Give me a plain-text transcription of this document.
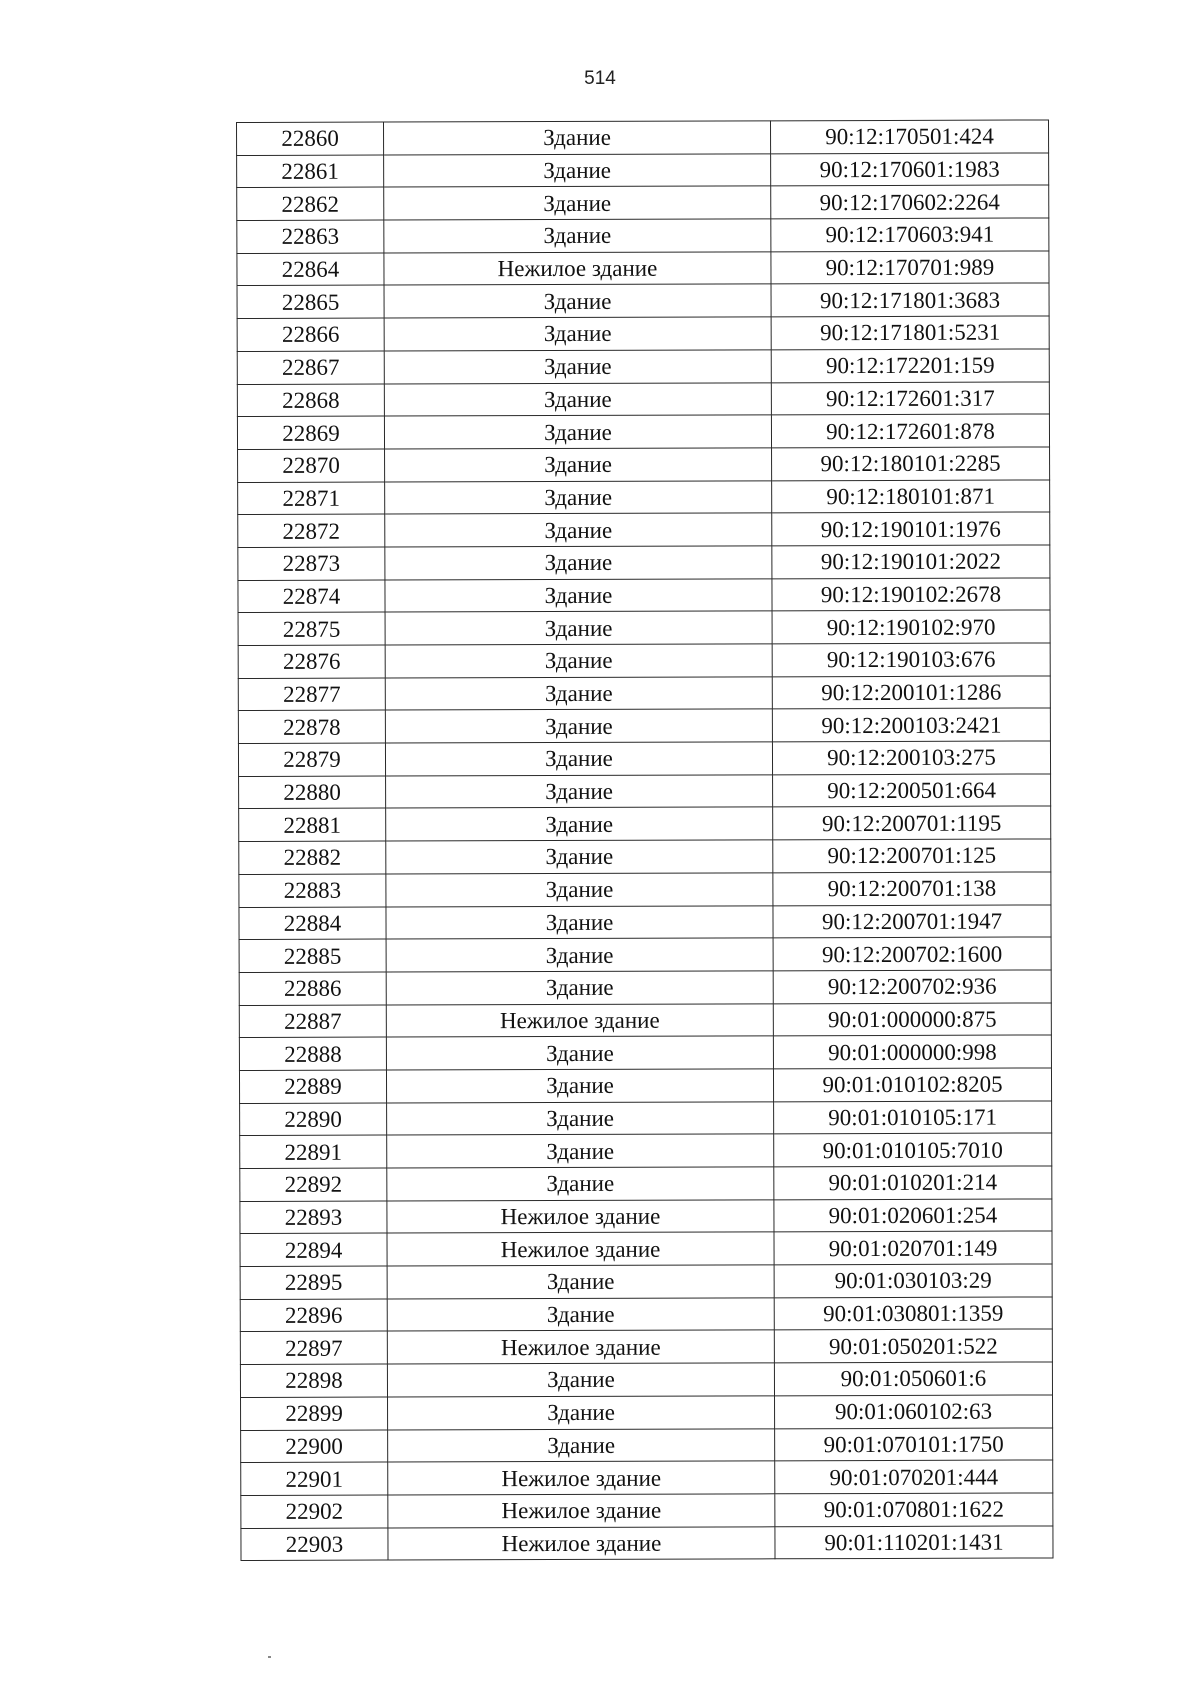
514
22860	Здание	90:12:170501:424
22861	Здание	90:12:170601:1983
22862	Здание	90:12:170602:2264
22863	Здание	90:12:170603:941
22864	Нежилое здание	90:12:170701:989
22865	Здание	90:12:171801:3683
22866	Здание	90:12:171801:5231
22867	Здание	90:12:172201:159
22868	Здание	90:12:172601:317
22869	Здание	90:12:172601:878
22870	Здание	90:12:180101:2285
22871	Здание	90:12:180101:871
22872	Здание	90:12:190101:1976
22873	Здание	90:12:190101:2022
22874	Здание	90:12:190102:2678
22875	Здание	90:12:190102:970
22876	Здание	90:12:190103:676
22877	Здание	90:12:200101:1286
22878	Здание	90:12:200103:2421
22879	Здание	90:12:200103:275
22880	Здание	90:12:200501:664
22881	Здание	90:12:200701:1195
22882	Здание	90:12:200701:125
22883	Здание	90:12:200701:138
22884	Здание	90:12:200701:1947
22885	Здание	90:12:200702:1600
22886	Здание	90:12:200702:936
22887	Нежилое здание	90:01:000000:875
22888	Здание	90:01:000000:998
22889	Здание	90:01:010102:8205
22890	Здание	90:01:010105:171
22891	Здание	90:01:010105:7010
22892	Здание	90:01:010201:214
22893	Нежилое здание	90:01:020601:254
22894	Нежилое здание	90:01:020701:149
22895	Здание	90:01:030103:29
22896	Здание	90:01:030801:1359
22897	Нежилое здание	90:01:050201:522
22898	Здание	90:01:050601:6
22899	Здание	90:01:060102:63
22900	Здание	90:01:070101:1750
22901	Нежилое здание	90:01:070201:444
22902	Нежилое здание	90:01:070801:1622
22903	Нежилое здание	90:01:110201:1431
